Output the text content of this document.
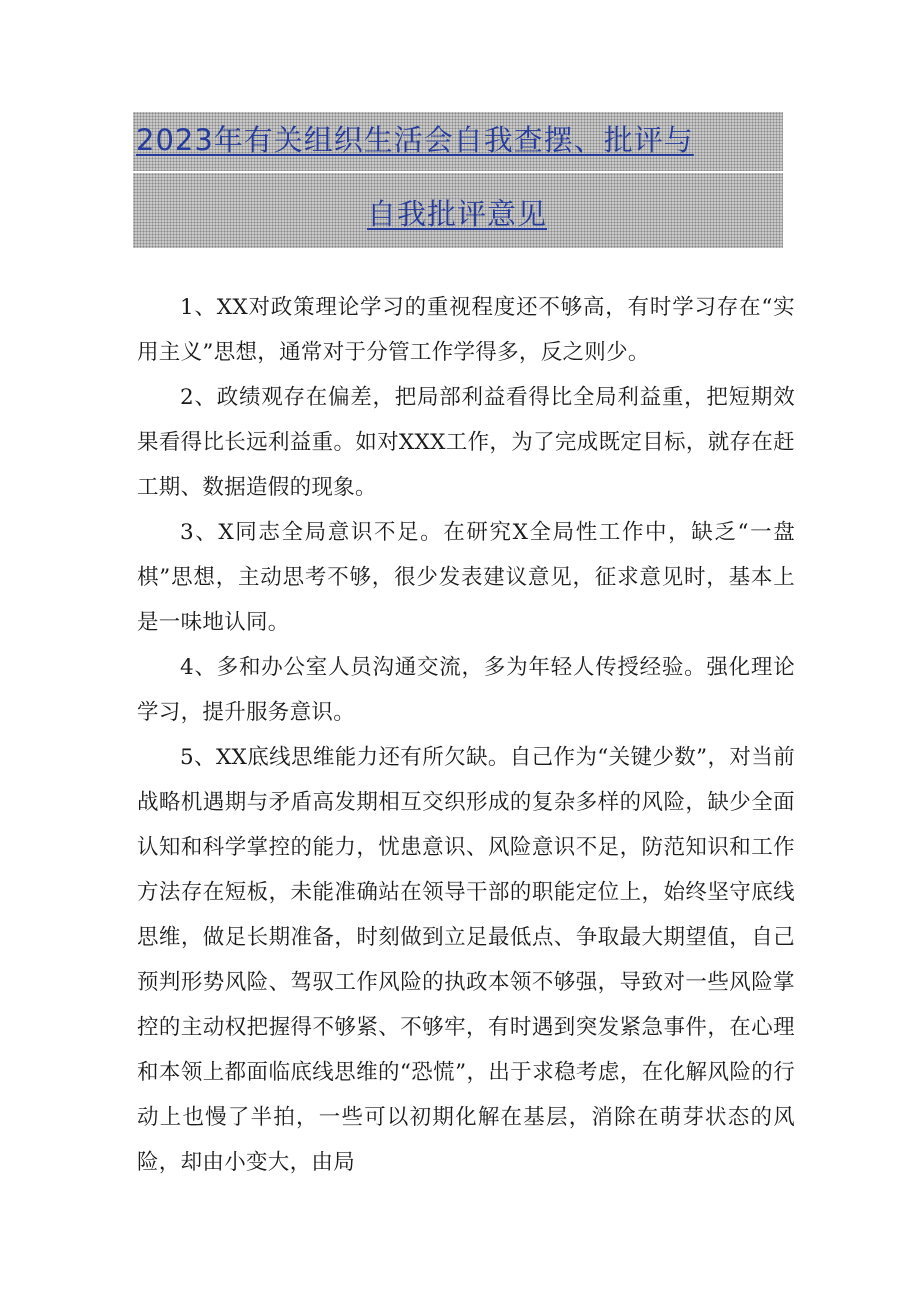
2023年有关组织生活会自我查摆、批评与
自我批评意见

1、XX对政策理论学习的重视程度还不够高，有时学习存在“实用主义”思想，通常对于分管工作学得多，反之则少。

2、政绩观存在偏差，把局部利益看得比全局利益重，把短期效果看得比长远利益重。如对XXX工作，为了完成既定目标，就存在赶工期、数据造假的现象。

3、X同志全局意识不足。在研究X全局性工作中，缺乏“一盘棋”思想，主动思考不够，很少发表建议意见，征求意见时，基本上是一味地认同。

4、多和办公室人员沟通交流，多为年轻人传授经验。强化理论学习，提升服务意识。

5、XX底线思维能力还有所欠缺。自己作为“关键少数”，对当前战略机遇期与矛盾高发期相互交织形成的复杂多样的风险，缺少全面认知和科学掌控的能力，忧患意识、风险意识不足，防范知识和工作方法存在短板，未能准确站在领导干部的职能定位上，始终坚守底线思维，做足长期准备，时刻做到立足最低点、争取最大期望值，自己预判形势风险、驾驭工作风险的执政本领不够强，导致对一些风险掌控的主动权把握得不够紧、不够牢，有时遇到突发紧急事件，在心理和本领上都面临底线思维的“恐慌”，出于求稳考虑，在化解风险的行动上也慢了半拍，一些可以初期化解在基层，消除在萌芽状态的风险，却由小变大，由局
